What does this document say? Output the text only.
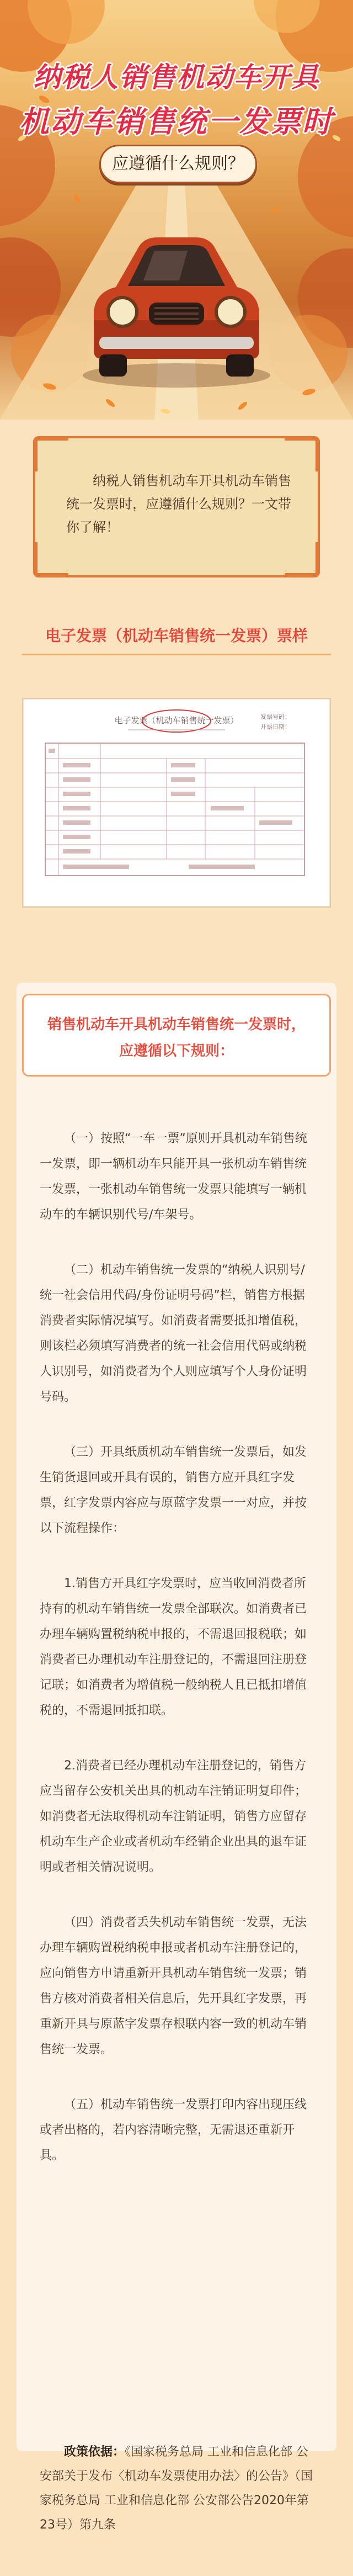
纳税人销售机动车开具
机动车销售统一发票时
应遵循什么规则？
纳税人销售机动车开具机动车销售统一发票时，应遵循什么规则？一文带你了解！
电子发票（机动车销售统一发票）票样
电子发票（机动车销售统一发票）	发票号码：
开票日期：
销售机动车开具机动车销售统一发票时，
应遵循以下规则：

（一）按照“一车一票”原则开具机动车销售统一发票，即一辆机动车只能开具一张机动车销售统一发票，一张机动车销售统一发票只能填写一辆机动车的车辆识别代号/车架号。

（二）机动车销售统一发票的“纳税人识别号/统一社会信用代码/身份证明号码”栏，销售方根据消费者实际情况填写。如消费者需要抵扣增值税，则该栏必须填写消费者的统一社会信用代码或纳税人识别号，如消费者为个人则应填写个人身份证明号码。

（三）开具纸质机动车销售统一发票后，如发生销货退回或开具有误的，销售方应开具红字发票，红字发票内容应与原蓝字发票一一对应，并按以下流程操作：

1.销售方开具红字发票时，应当收回消费者所持有的机动车销售统一发票全部联次。如消费者已办理车辆购置税纳税申报的，不需退回报税联；如消费者已办理机动车注册登记的，不需退回注册登记联；如消费者为增值税一般纳税人且已抵扣增值税的，不需退回抵扣联。

2.消费者已经办理机动车注册登记的，销售方应当留存公安机关出具的机动车注销证明复印件；如消费者无法取得机动车注销证明，销售方应留存机动车生产企业或者机动车经销企业出具的退车证明或者相关情况说明。

（四）消费者丢失机动车销售统一发票，无法办理车辆购置税纳税申报或者机动车注册登记的，应向销售方申请重新开具机动车销售统一发票；销售方核对消费者相关信息后，先开具红字发票，再重新开具与原蓝字发票存根联内容一致的机动车销售统一发票。

（五）机动车销售统一发票打印内容出现压线或者出格的，若内容清晰完整，无需退还重新开具。

政策依据：《国家税务总局 工业和信息化部 公安部关于发布〈机动车发票使用办法〉的公告》（国家税务总局 工业和信息化部 公安部公告2020年第23号）第九条
